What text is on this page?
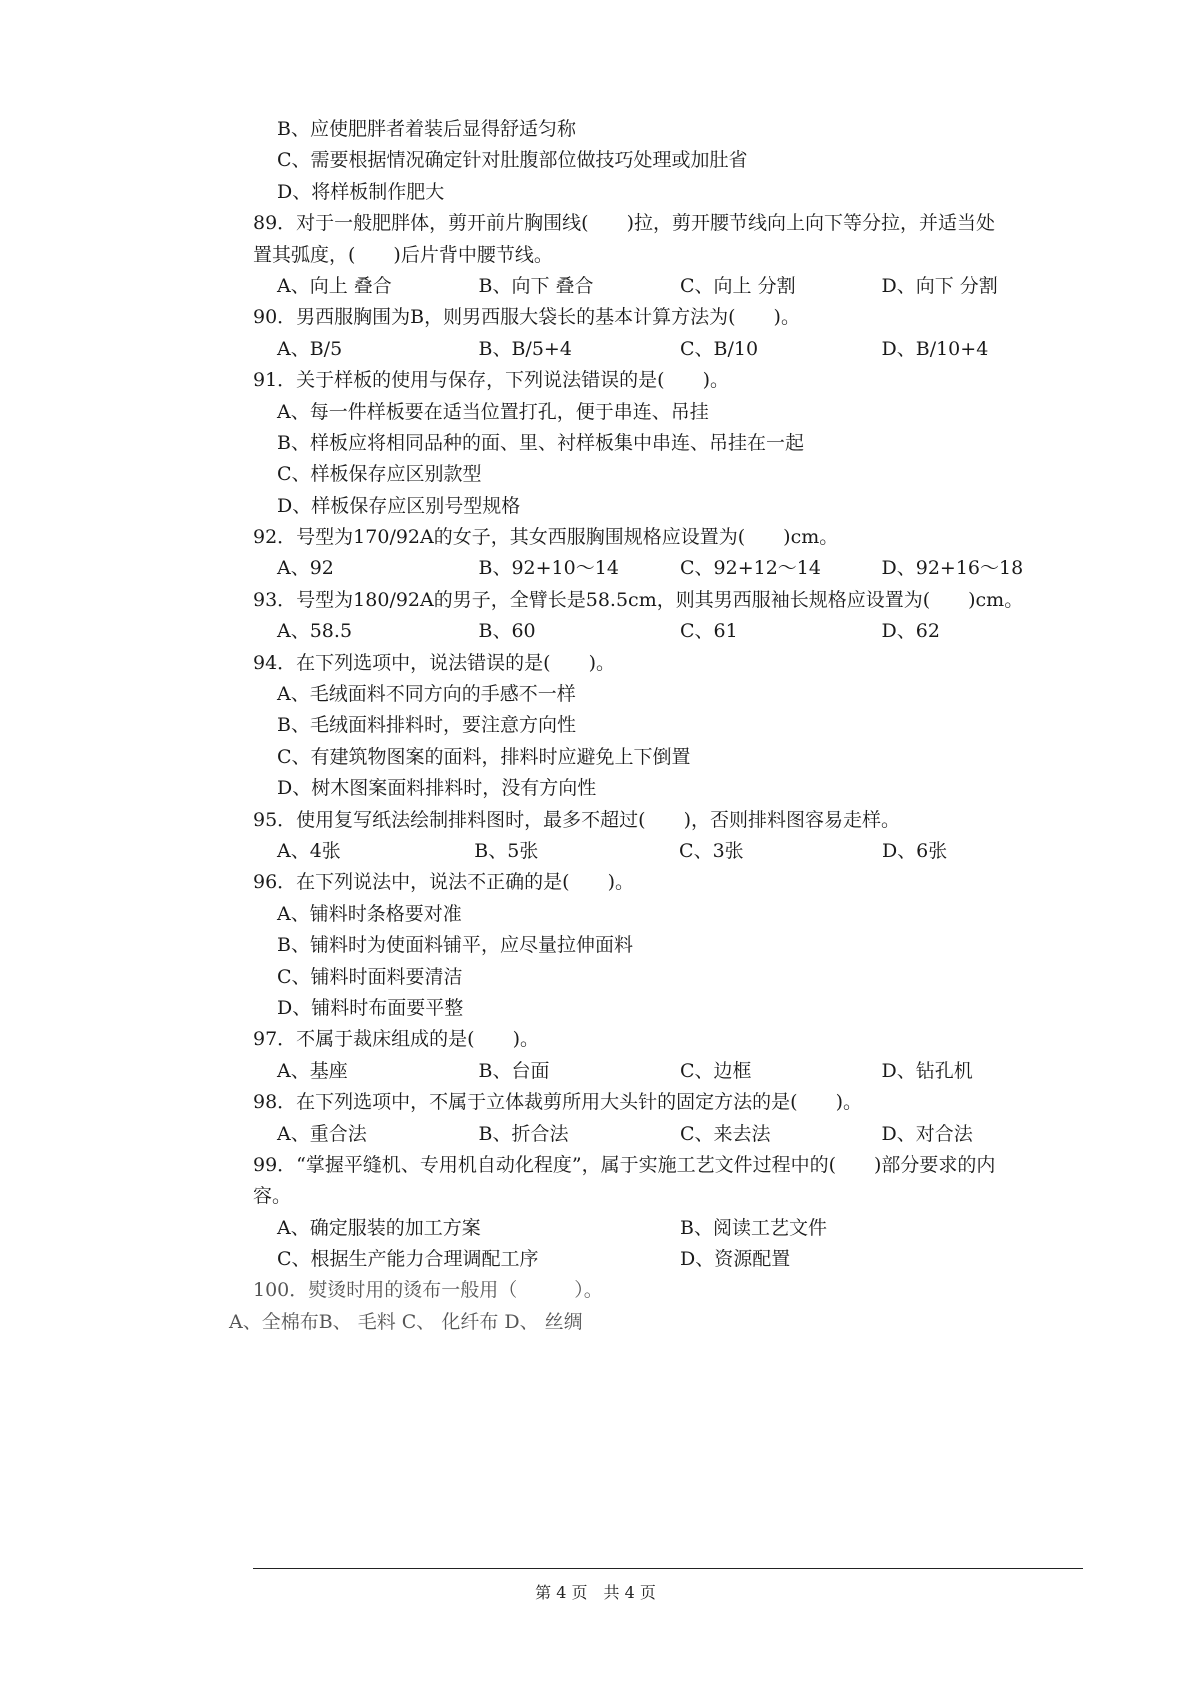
B、应使肥胖者着装后显得舒适匀称
C、需要根据情况确定针对肚腹部位做技巧处理或加肚省
D、将样板制作肥大
89．对于一般肥胖体，剪开前片胸围线(　　)拉，剪开腰节线向上向下等分拉，并适当处
置其弧度，(　　)后片背中腰节线。
A、向上 叠合	B、向下 叠合	C、向上 分割	D、向下 分割
90．男西服胸围为B，则男西服大袋长的基本计算方法为(　　)。
A、B/5	B、B/5+4	C、B/10	D、B/10+4
91．关于样板的使用与保存，下列说法错误的是(　　)。
A、每一件样板要在适当位置打孔，便于串连、吊挂
B、样板应将相同品种的面、里、衬样板集中串连、吊挂在一起
C、样板保存应区别款型
D、样板保存应区别号型规格
92．号型为170/92A的女子，其女西服胸围规格应设置为(　　)cm。
A、92	B、92+10～14	C、92+12～14	D、92+16～18
93．号型为180/92A的男子，全臂长是58.5cm，则其男西服袖长规格应设置为(　　)cm。
A、58.5	B、60	C、61	D、62
94．在下列选项中，说法错误的是(　　)。
A、毛绒面料不同方向的手感不一样
B、毛绒面料排料时，要注意方向性
C、有建筑物图案的面料，排料时应避免上下倒置
D、树木图案面料排料时，没有方向性
95．使用复写纸法绘制排料图时，最多不超过(　　)，否则排料图容易走样。
A、4张	B、5张	C、3张	D、6张
96．在下列说法中，说法不正确的是(　　)。
A、铺料时条格要对准
B、铺料时为使面料铺平，应尽量拉伸面料
C、铺料时面料要清洁
D、铺料时布面要平整
97．不属于裁床组成的是(　　)。
A、基座	B、台面	C、边框	D、钻孔机
98．在下列选项中，不属于立体裁剪所用大头针的固定方法的是(　　)。
A、重合法	B、折合法	C、来去法	D、对合法
99．“掌握平缝机、专用机自动化程度”，属于实施工艺文件过程中的(　　)部分要求的内
容。
A、确定服装的加工方案	B、阅读工艺文件
C、根据生产能力合理调配工序	D、资源配置
100．熨烫时用的烫布一般用（　　　）。
A、全棉布B、 毛料 C、 化纤布 D、 丝绸
第 4 页　共 4 页
